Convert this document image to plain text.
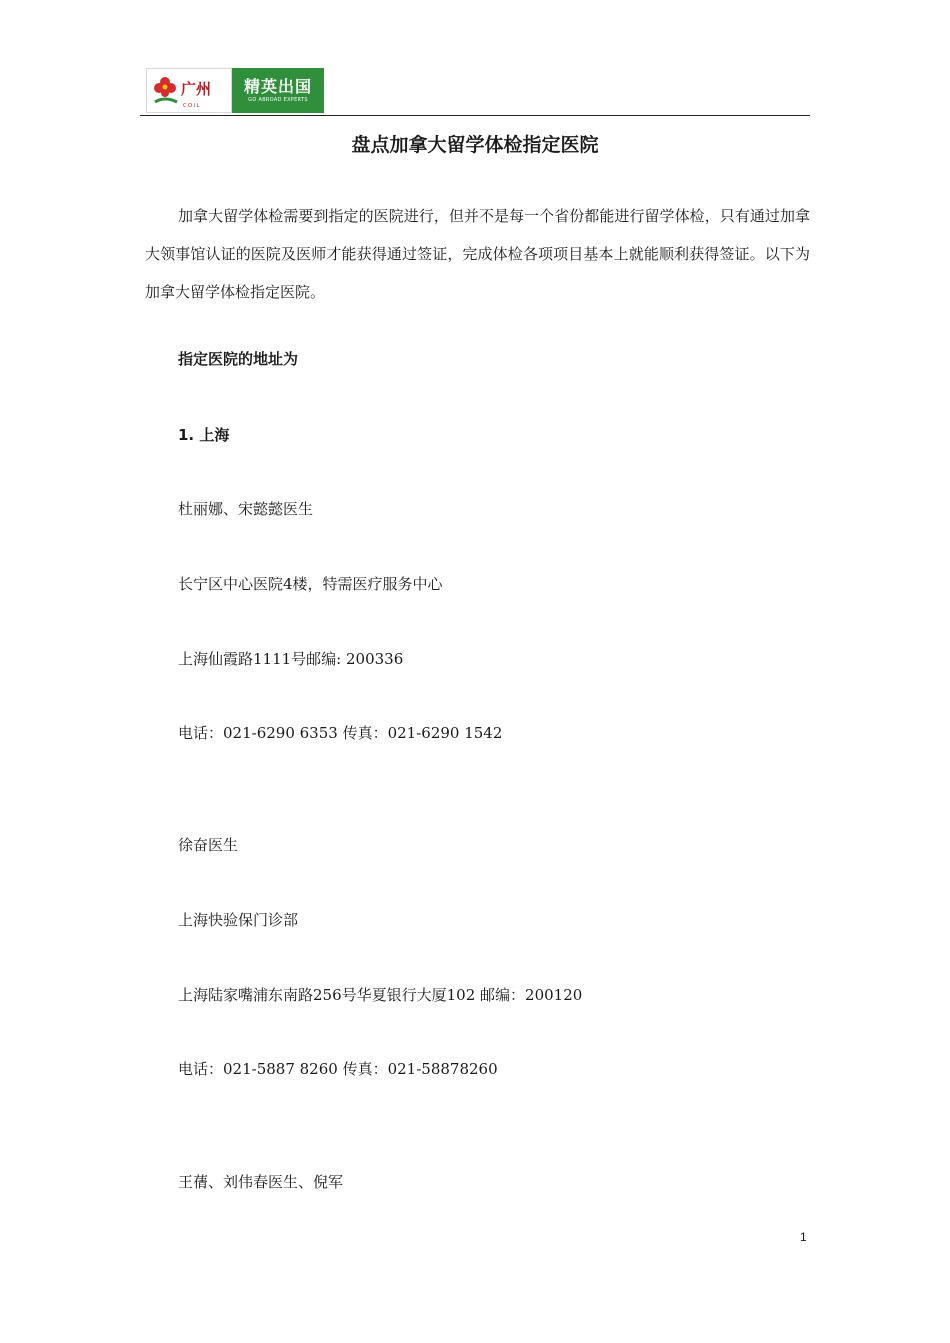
广州
C O I L
精英出国
GO ABROAD EXPERTS
盘点加拿大留学体检指定医院
加拿大留学体检需要到指定的医院进行，但并不是每一个省份都能进行留学体检，只有通过加拿大领事馆认证的医院及医师才能获得通过签证，完成体检各项项目基本上就能顺利获得签证。以下为加拿大留学体检指定医院。
指定医院的地址为
1. 上海
杜丽娜、宋懿懿医生
长宁区中心医院4楼，特需医疗服务中心
上海仙霞路1111号邮编: 200336
电话：021-6290 6353 传真：021-6290 1542
徐奋医生
上海快验保门诊部
上海陆家嘴浦东南路256号华夏银行大厦102 邮编：200120
电话：021-5887 8260 传真：021-58878260
王蒨、刘伟春医生、倪军
1
